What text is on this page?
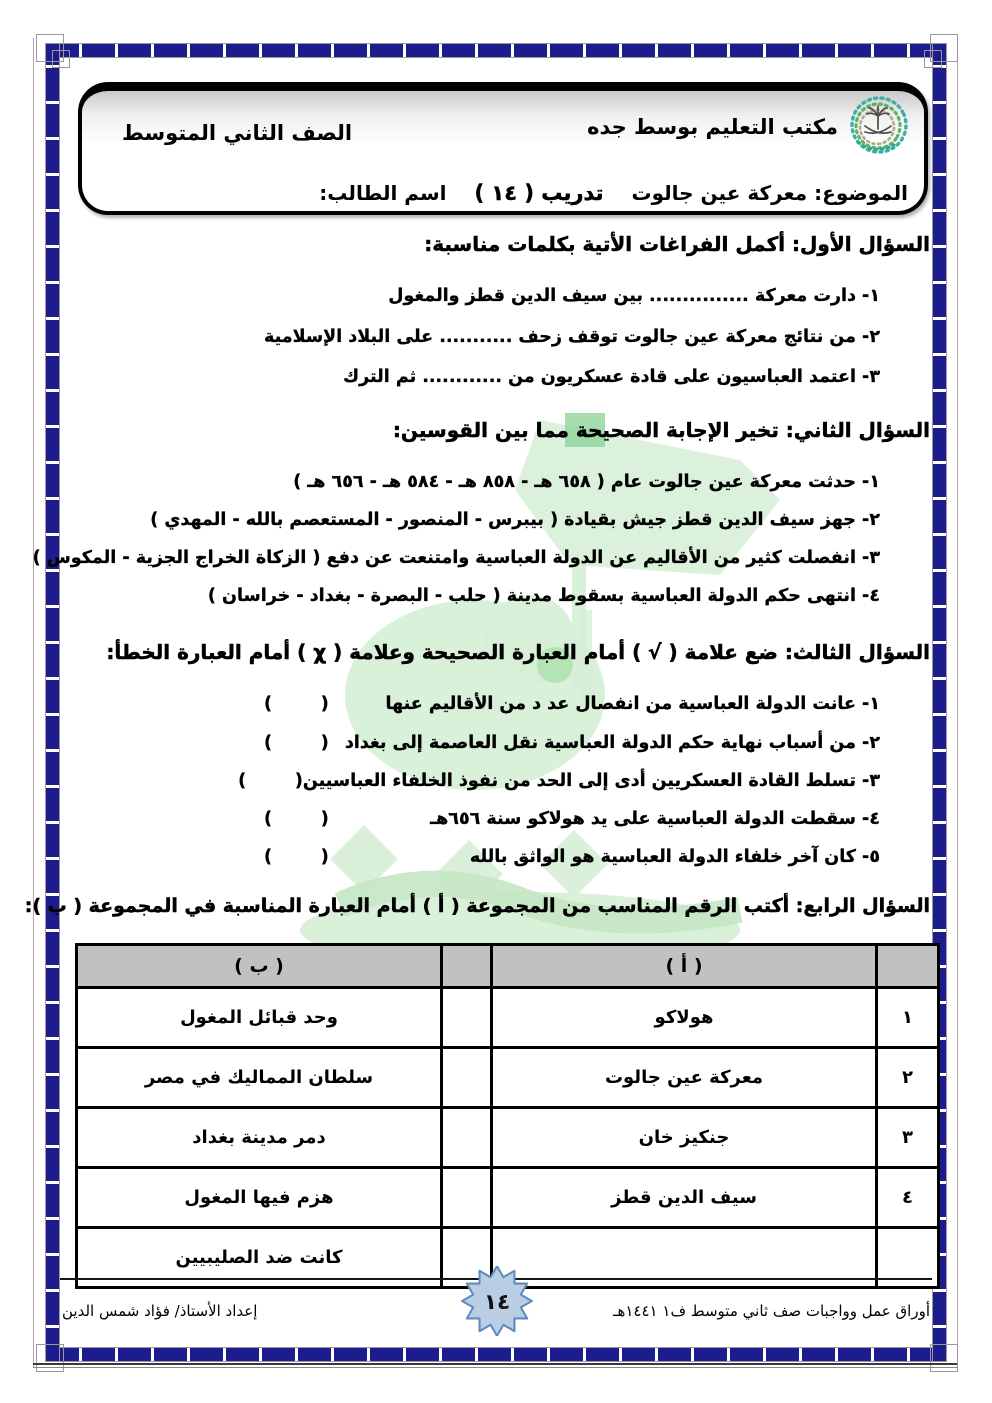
مكتب التعليم بوسط جده
الصف الثاني المتوسط
الموضوع: معركة عين جالوت
تدريب ( ١٤ )
اسم الطالب:
السؤال الأول: أكمل الفراغات الأتية بكلمات مناسبة:
١- دارت معركة ............... بين سيف الدين قطز والمغول
٢- من نتائج معركة عين جالوت توقف زحف ........... على البلاد الإسلامية
٣- اعتمد العباسيون على قادة عسكريون من ............ ثم الترك
السؤال الثاني: تخير الإجابة الصحيحة مما بين القوسين:
١- حدثت معركة عين جالوت عام ( ٦٥٨ هـ - ٨٥٨ هـ - ٥٨٤ هـ - ٦٥٦ هـ )
٢- جهز سيف الدين قطز جيش بقيادة ( بيبرس - المنصور - المستعصم بالله - المهدي )
٣- انفصلت كثير من الأقاليم عن الدولة العباسية وامتنعت عن دفع ( الزكاة الخراج الجزية - المكوس )
٤- انتهى حكم الدولة العباسية بسقوط مدينة ( حلب - البصرة - بغداد - خراسان )
السؤال الثالث: ضع علامة ( √ ) أمام العبارة الصحيحة وعلامة ( χ ) أمام العبارة الخطأ:
١- عانت الدولة العباسية من انفصال عد د من الأقاليم عنها
(        )
٢- من أسباب نهاية حكم الدولة العباسية نقل العاصمة إلى بغداد
(        )
٣- تسلط القادة العسكريين أدى إلى الحد من نفوذ الخلفاء العباسيين
(        )
٤- سقطت الدولة العباسية على يد هولاكو سنة ٦٥٦هـ
(        )
٥- كان آخر خلفاء الدولة العباسية هو الواثق بالله
(        )
السؤال الرابع: أكتب الرقم المناسب من المجموعة ( أ ) أمام العبارة المناسبة في المجموعة ( ب ):
	( أ )		( ب )
١	هولاكو		وحد قبائل المغول
٢	معركة عين جالوت		سلطان المماليك في مصر
٣	جنكيز خان		دمر مدينة بغداد
٤	سيف الدين قطز		هزم فيها المغول
			كانت ضد الصليبيين
١٤	أوراق عمل وواجبات صف ثاني متوسط ف١ ١٤٤١هـ
إعداد الأستاذ/ فؤاد شمس الدين
